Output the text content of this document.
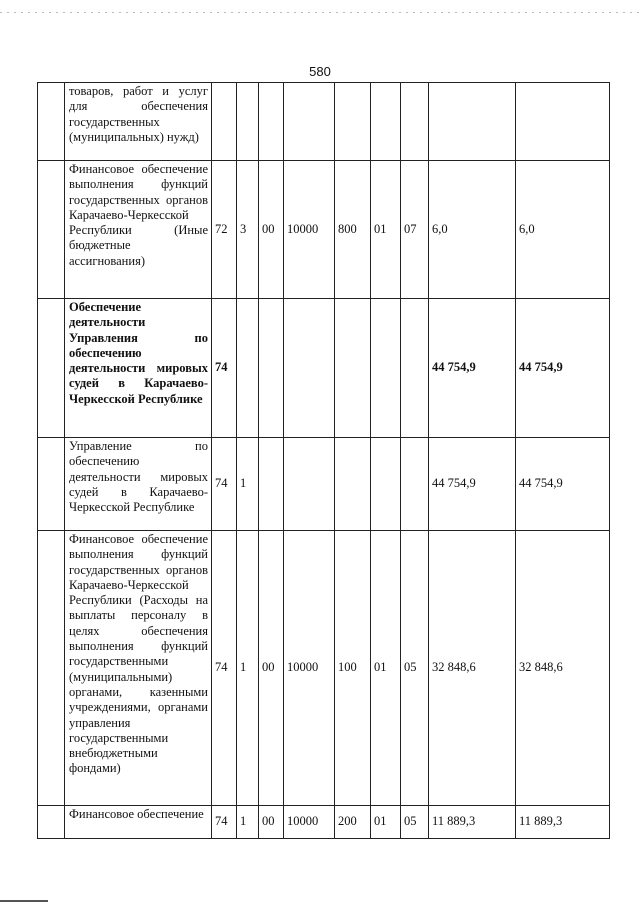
580
	товаров, работ и услуг для обеспечения государственных (муниципальных) нужд)									
	Финансовое обеспечение выполнения функций государственных органов Карачаево-Черкесской Республики (Иные бюджетные ассигнования)	72	3	00	10000	800	01	07	6,0	6,0
	Обеспечение деятельности Управления по обеспечению деятельности мировых судей в Карачаево-Черкесской Республике	74							44 754,9	44 754,9
	Управление по обеспечению деятельности мировых судей в Карачаево-Черкесской Республике	74	1						44 754,9	44 754,9
	Финансовое обеспечение выполнения функций государственных органов Карачаево-Черкесской Республики (Расходы на выплаты персоналу в целях обеспечения выполнения функций государственными (муниципальными) органами, казенными учреждениями, органами управления государственными внебюджетными фондами)	74	1	00	10000	100	01	05	32 848,6	32 848,6
	Финансовое обеспечение	74	1	00	10000	200	01	05	11 889,3	11 889,3
